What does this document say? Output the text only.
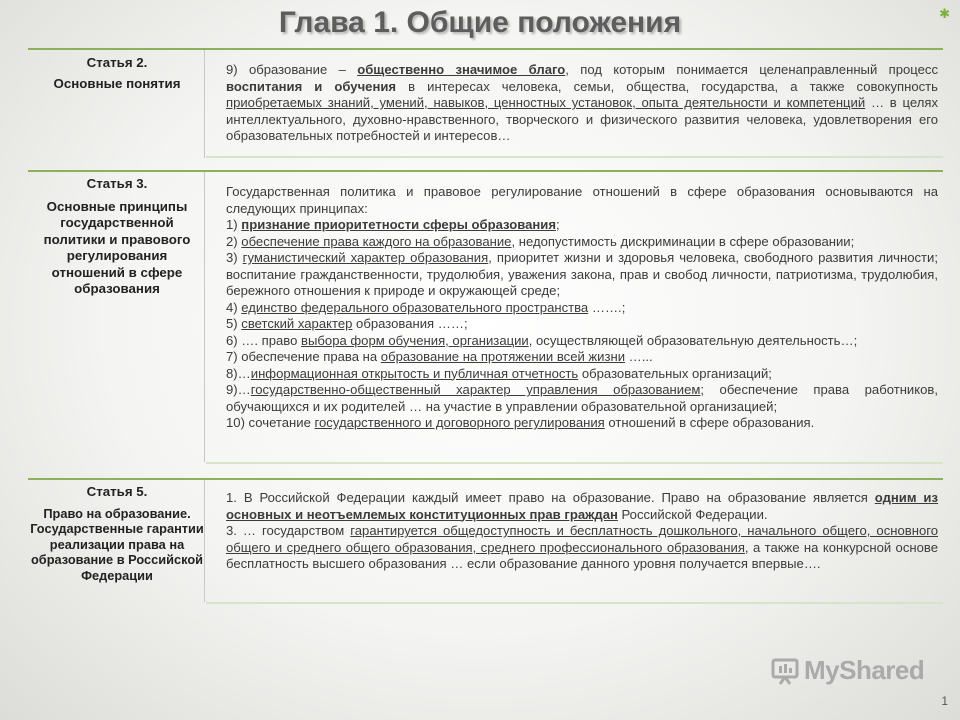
✱
Глава 1. Общие положения
Статья 2.
Основные понятия

9) образование – общественно значимое благо, под которым понимается целенаправленный процесс воспитания и обучения в интересах человека, семьи, общества, государства, а также совокупность приобретаемых знаний, умений, навыков, ценностных установок, опыта деятельности и компетенций … в целях интеллектуального, духовно-нравственного, творческого и физического развития человека, удовлетворения его образовательных потребностей и интересов…

Статья 3.
Основные принципы государственной политики и правового регулирования отношений в сфере образования

Государственная политика и правовое регулирование отношений в сфере образования основываются на следующих принципах:

1) признание приоритетности сферы образования;

2) обеспечение права каждого на образование, недопустимость дискриминации в сфере образовании;

3) гуманистический характер образования, приоритет жизни и здоровья человека, свободного развития личности; воспитание гражданственности, трудолюбия, уважения закона, прав и свобод личности, патриотизма, трудолюбия, бережного отношения к природе и окружающей среде;

4) единство федерального образовательного пространства …….;

5) светский характер образования ……;

6) …. право выбора форм обучения, организации, осуществляющей образовательную деятельность…;

7) обеспечение права на образование на протяжении всей жизни …...

8)…информационная открытость и публичная отчетность образовательных организаций;

9)…государственно-общественный характер управления образованием; обеспечение права работников, обучающихся и их родителей … на участие в управлении образовательной организацией;

10) сочетание государственного и договорного регулирования отношений в сфере образования.

Статья 5.
Право на образование. Государственные гарантии реализации права на образование в Российской Федерации

1. В Российской Федерации каждый имеет право на образование. Право на образование является одним из основных и неотъемлемых конституционных прав граждан Российской Федерации.

3. … государством гарантируется общедоступность и бесплатность дошкольного, начального общего, основного общего и среднего общего образования, среднего профессионального образования, а также на конкурсной основе бесплатность высшего образования … если образование данного уровня получается впервые….

MyShared
1
